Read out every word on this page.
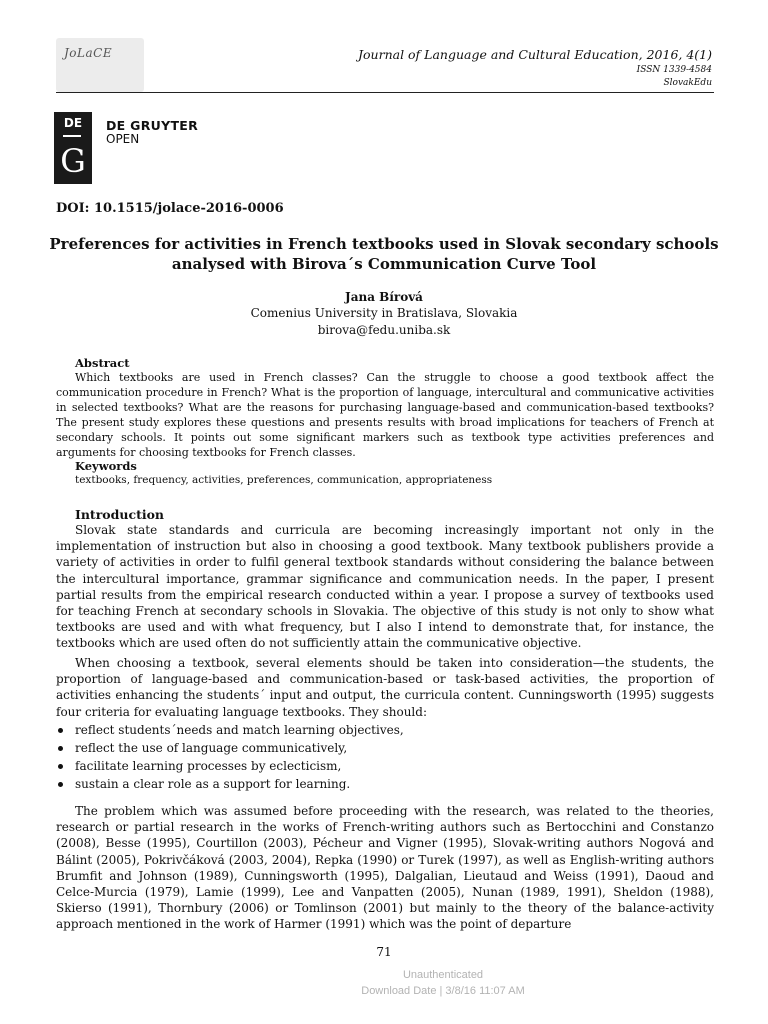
JoLaCE	Journal of Language and Cultural Education, 2016, 4(1)
ISSN 1339-4584
SlovakEdu
DE
G
DE GRUYTER
OPEN
DOI: 10.1515/jolace-2016-0006
Preferences for activities in French textbooks used in Slovak secondary schools
analysed with Birova´s Communication Curve Tool
Jana Bírová
Comenius University in Bratislava, Slovakia
birova@fedu.uniba.sk
Abstract

Which textbooks are used in French classes? Can the struggle to choose a good textbook affect the communication procedure in French? What is the proportion of language, intercultural and communicative activities in selected textbooks? What are the reasons for purchasing language-based and communication-based textbooks? The present study explores these questions and presents results with broad implications for teachers of French at secondary schools. It points out some significant markers such as textbook type activities preferences and arguments for choosing textbooks for French classes.

Keywords
textbooks, frequency, activities, preferences, communication, appropriateness
Introduction

Slovak state standards and curricula are becoming increasingly important not only in the implementation of instruction but also in choosing a good textbook. Many textbook publishers provide a variety of activities in order to fulfil general textbook standards without considering the balance between the intercultural importance, grammar significance and communication needs. In the paper, I present partial results from the empirical research conducted within a year. I propose a survey of textbooks used for teaching French at secondary schools in Slovakia. The objective of this study is not only to show what textbooks are used and with what frequency, but I also I intend to demonstrate that, for instance, the textbooks which are used often do not sufficiently attain the communicative objective.

When choosing a textbook, several elements should be taken into consideration—the students, the proportion of language-based and communication-based or task-based activities, the proportion of activities enhancing the students´ input and output, the curricula content. Cunningsworth (1995) suggests four criteria for evaluating language textbooks. They should:

reflect students´needs and match learning objectives,
reflect the use of language communicatively,
facilitate learning processes by eclecticism,
sustain a clear role as a support for learning.

The problem which was assumed before proceeding with the research, was related to the theories, research or partial research in the works of French-writing authors such as Bertocchini and Constanzo (2008), Besse (1995), Courtillon (2003), Pécheur and Vigner (1995), Slovak-writing authors Nogová and Bálint (2005), Pokrivčáková (2003, 2004), Repka (1990) or Turek (1997), as well as English-writing authors Brumfit and Johnson (1989), Cunningsworth (1995), Dalgalian, Lieutaud and Weiss (1991), Daoud and Celce-Murcia (1979), Lamie (1999), Lee and Vanpatten (2005), Nunan (1989, 1991), Sheldon (1988), Skierso (1991), Thornbury (2006) or Tomlinson (2001) but mainly to the theory of the balance-activity approach mentioned in the work of Harmer (1991) which was the point of departure

71
Unauthenticated
Download Date | 3/8/16 11:07 AM
